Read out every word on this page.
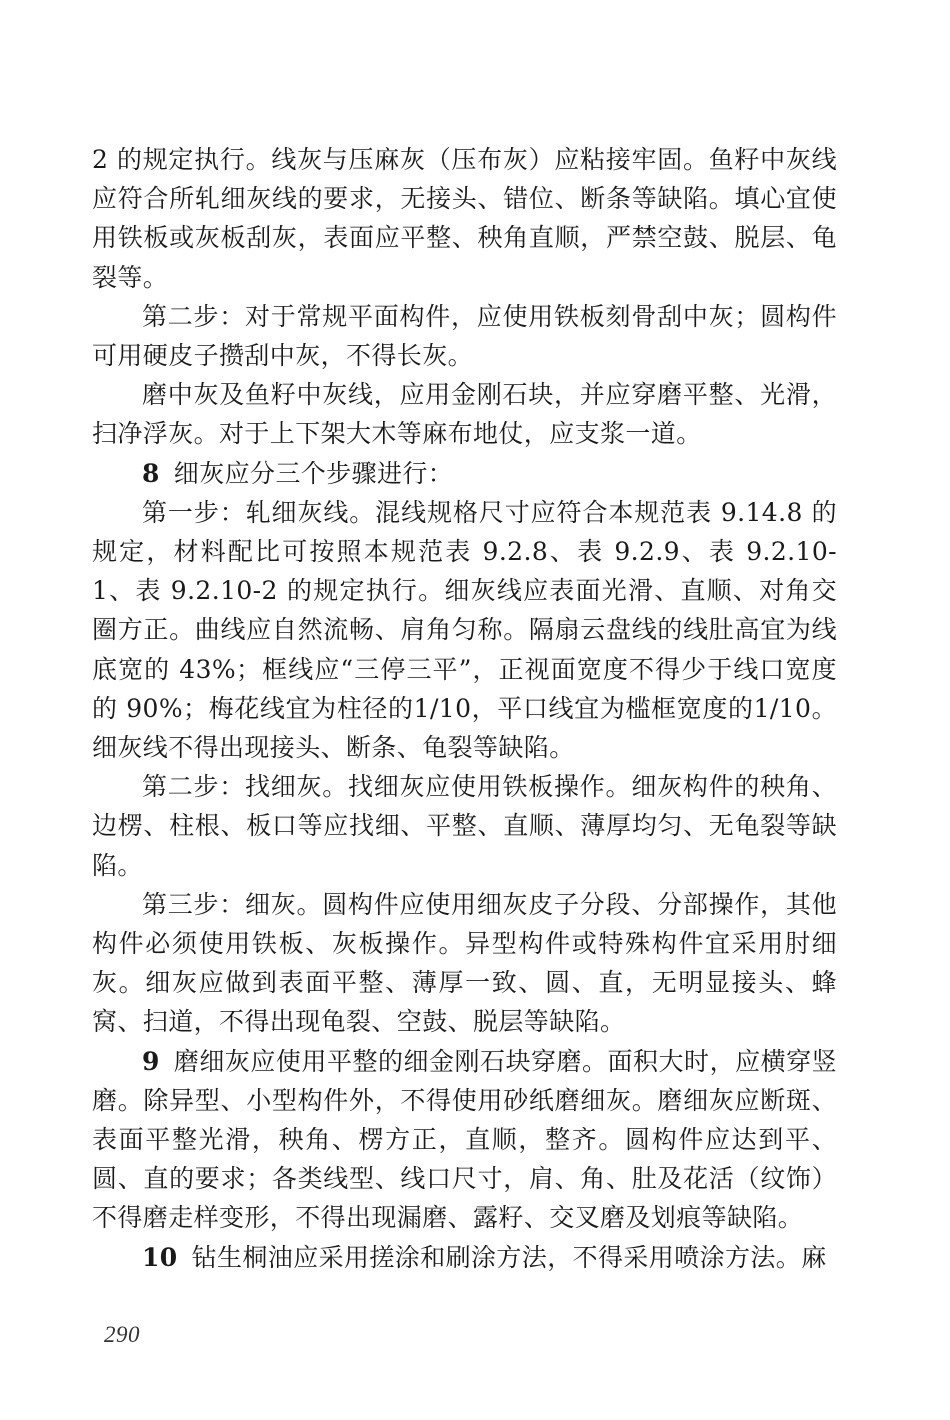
2 的规定执行。线灰与压麻灰（压布灰）应粘接牢固。鱼籽中灰线应符合所轧细灰线的要求，无接头、错位、断条等缺陷。填心宜使用铁板或灰板刮灰，表面应平整、秧角直顺，严禁空鼓、脱层、龟裂等。

第二步：对于常规平面构件，应使用铁板刻骨刮中灰；圆构件可用硬皮子攒刮中灰，不得长灰。

磨中灰及鱼籽中灰线，应用金刚石块，并应穿磨平整、光滑，扫净浮灰。对于上下架大木等麻布地仗，应支浆一道。

8 细灰应分三个步骤进行：

第一步：轧细灰线。混线规格尺寸应符合本规范表 9.14.8 的规定，材料配比可按照本规范表 9.2.8、表 9.2.9、表 9.2.10-1、表 9.2.10-2 的规定执行。细灰线应表面光滑、直顺、对角交圈方正。曲线应自然流畅、肩角匀称。隔扇云盘线的线肚高宜为线底宽的 43%；框线应“三停三平”，正视面宽度不得少于线口宽度的 90%；梅花线宜为柱径的1/10，平口线宜为槛框宽度的1/10。细灰线不得出现接头、断条、龟裂等缺陷。

第二步：找细灰。找细灰应使用铁板操作。细灰构件的秧角、边楞、柱根、板口等应找细、平整、直顺、薄厚均匀、无龟裂等缺陷。

第三步：细灰。圆构件应使用细灰皮子分段、分部操作，其他构件必须使用铁板、灰板操作。异型构件或特殊构件宜采用肘细灰。细灰应做到表面平整、薄厚一致、圆、直，无明显接头、蜂窝、扫道，不得出现龟裂、空鼓、脱层等缺陷。

9 磨细灰应使用平整的细金刚石块穿磨。面积大时，应横穿竖磨。除异型、小型构件外，不得使用砂纸磨细灰。磨细灰应断斑、表面平整光滑，秧角、楞方正，直顺，整齐。圆构件应达到平、圆、直的要求；各类线型、线口尺寸，肩、角、肚及花活（纹饰）不得磨走样变形，不得出现漏磨、露籽、交叉磨及划痕等缺陷。

10 钻生桐油应采用搓涂和刷涂方法，不得采用喷涂方法。麻

290
